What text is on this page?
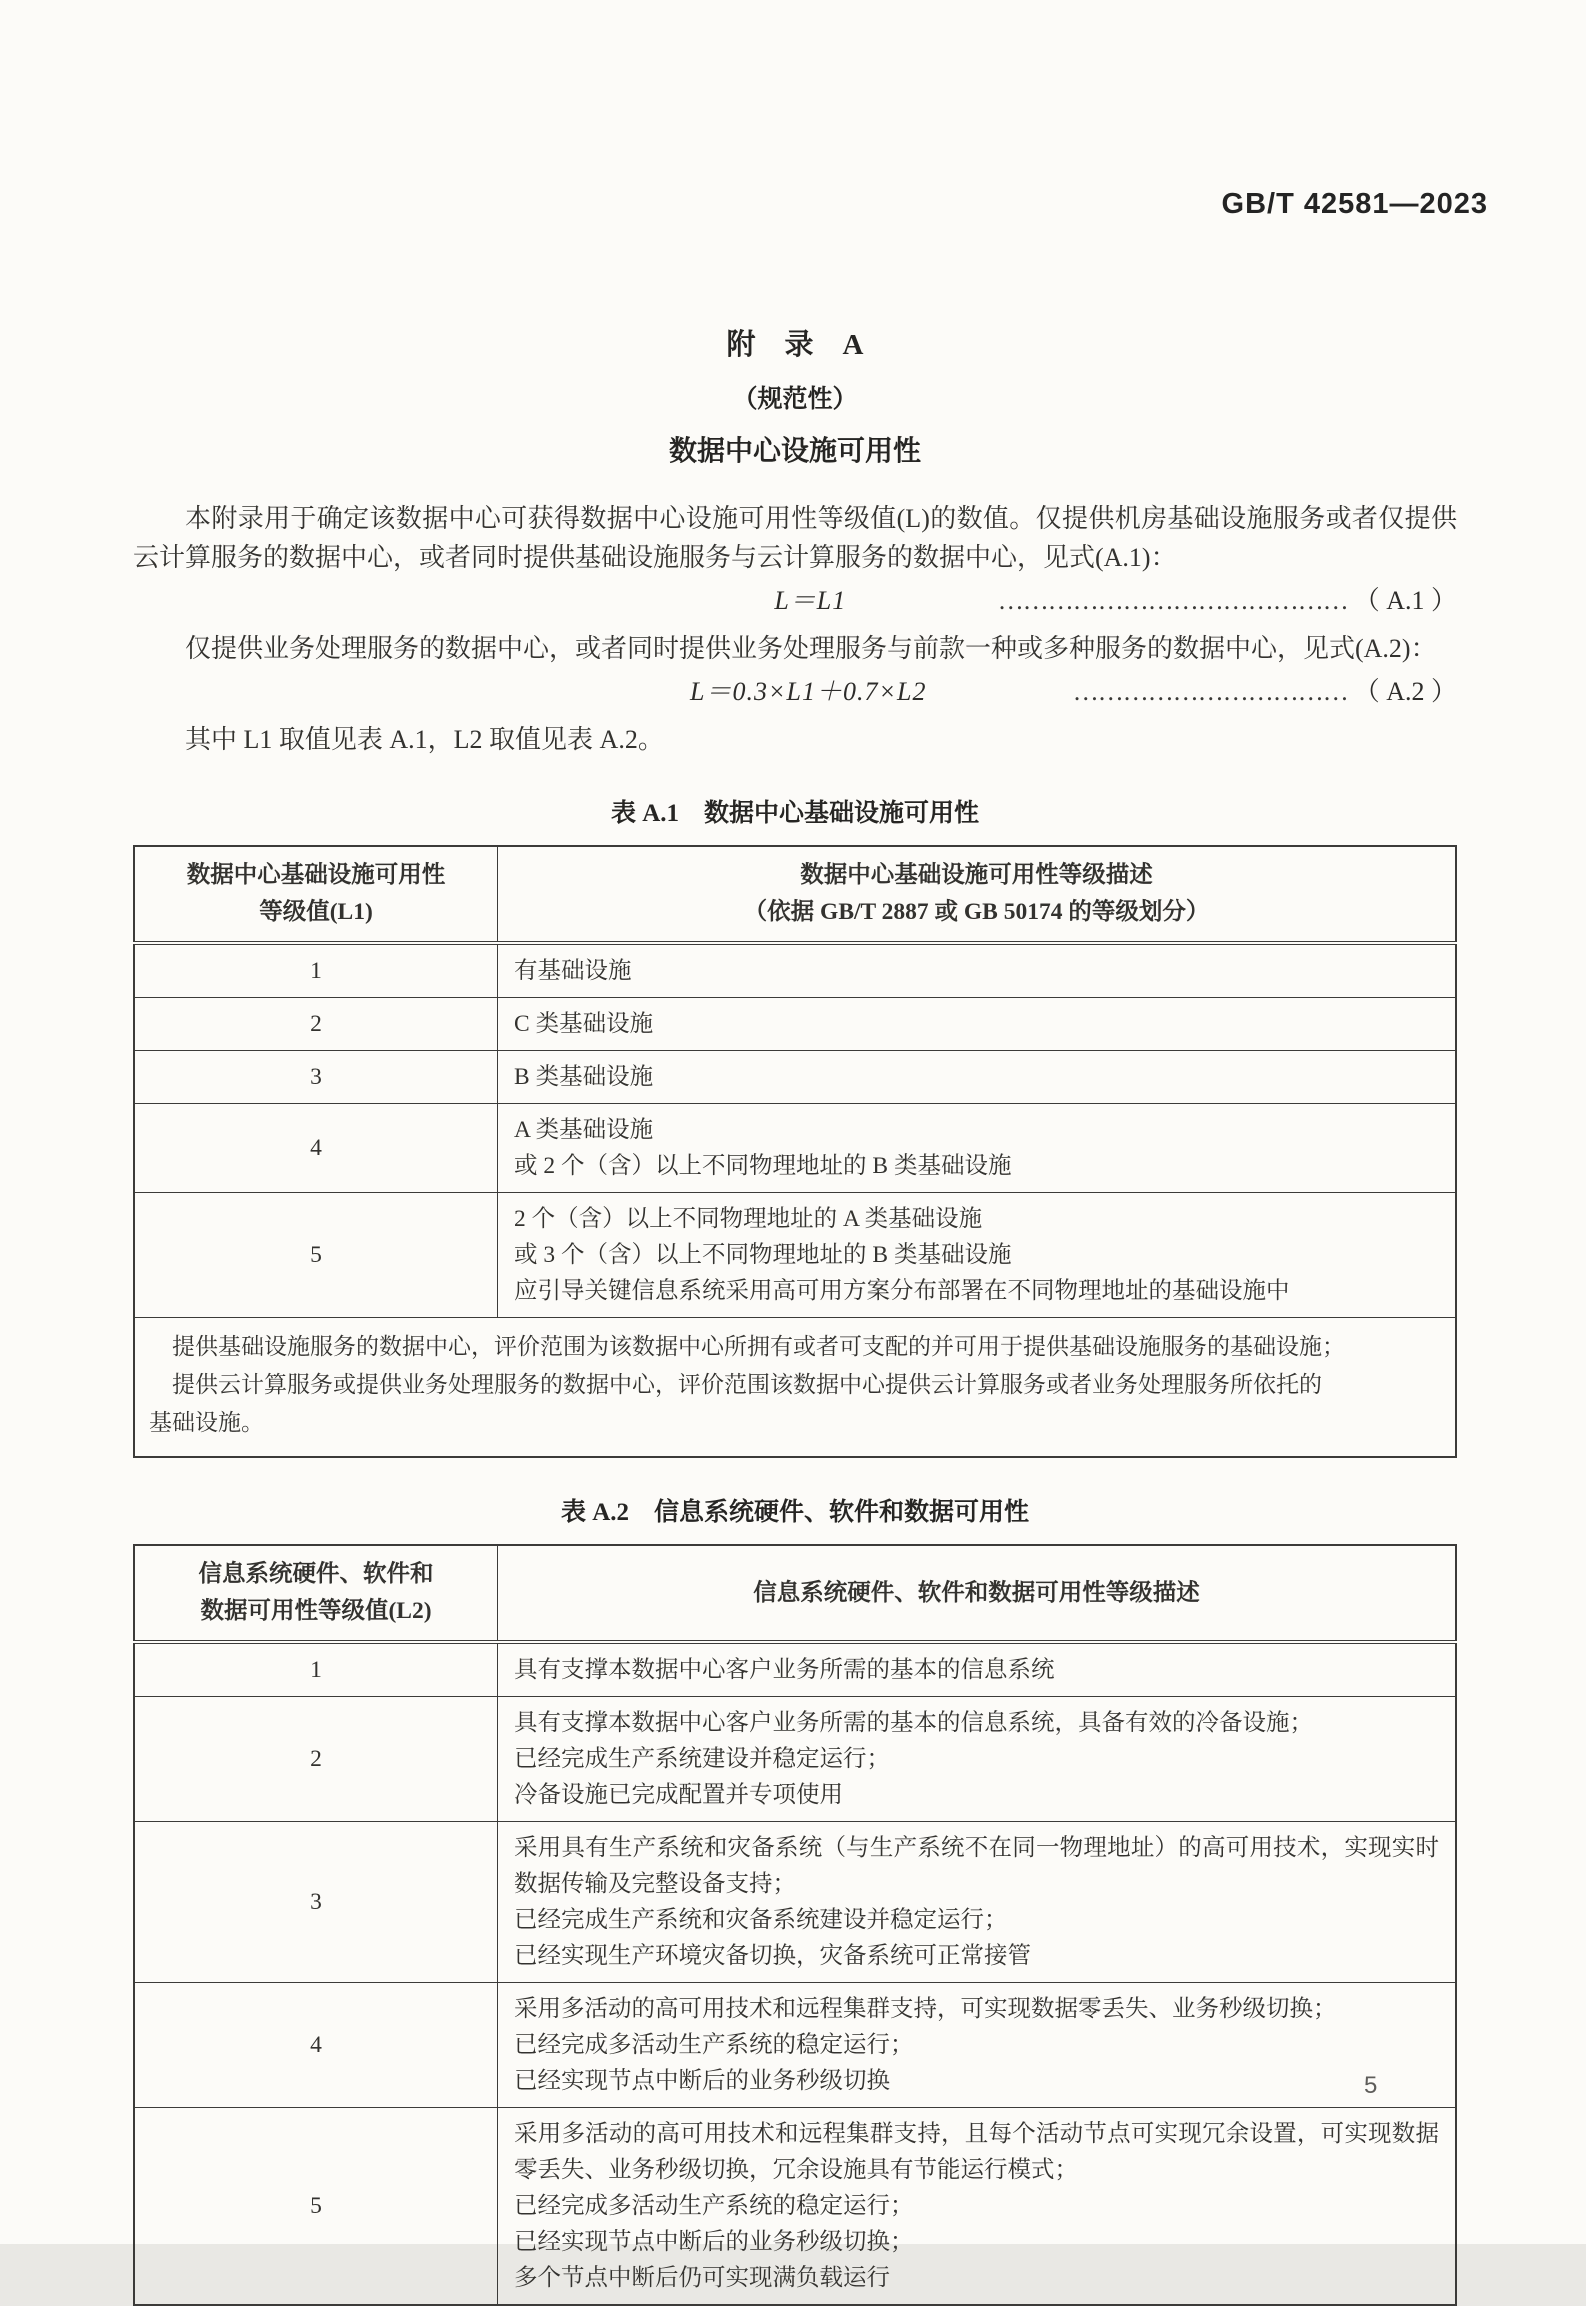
GB/T 42581—2023
附　录　A
（规范性）
数据中心设施可用性

本附录用于确定该数据中心可获得数据中心设施可用性等级值(L)的数值。仅提供机房基础设施服务或者仅提供云计算服务的数据中心，或者同时提供基础设施服务与云计算服务的数据中心，见式(A.1)：

L＝L1	…………………………………… （ A.1 ）

仅提供业务处理服务的数据中心，或者同时提供业务处理服务与前款一种或多种服务的数据中心，见式(A.2)：

L＝0.3×L1＋0.7×L2	…………………………… （ A.2 ）

其中 L1 取值见表 A.1，L2 取值见表 A.2。

表 A.1　数据中心基础设施可用性
数据中心基础设施可用性
等级值(L1)

数据中心基础设施可用性等级描述
（依据 GB/T 2887 或 GB 50174 的等级划分）

1	有基础设施

2	C 类基础设施

3	B 类基础设施

4	A 类基础设施
或 2 个（含）以上不同物理地址的 B 类基础设施

5	2 个（含）以上不同物理地址的 A 类基础设施
或 3 个（含）以上不同物理地址的 B 类基础设施
应引导关键信息系统采用高可用方案分布部署在不同物理地址的基础设施中

提供基础设施服务的数据中心，评价范围为该数据中心所拥有或者可支配的并可用于提供基础设施服务的基础设施；
提供云计算服务或提供业务处理服务的数据中心，评价范围该数据中心提供云计算服务或者业务处理服务所依托的
基础设施。	
表 A.2　信息系统硬件、软件和数据可用性
信息系统硬件、软件和
数据可用性等级值(L2)	信息系统硬件、软件和数据可用性等级描述

1	具有支撑本数据中心客户业务所需的基本的信息系统

2	具有支撑本数据中心客户业务所需的基本的信息系统，具备有效的冷备设施；
已经完成生产系统建设并稳定运行；
冷备设施已完成配置并专项使用

3	采用具有生产系统和灾备系统（与生产系统不在同一物理地址）的高可用技术，实现实时数据传输及完整设备支持；
已经完成生产系统和灾备系统建设并稳定运行；
已经实现生产环境灾备切换，灾备系统可正常接管

4	采用多活动的高可用技术和远程集群支持，可实现数据零丢失、业务秒级切换；
已经完成多活动生产系统的稳定运行；
已经实现节点中断后的业务秒级切换

5	采用多活动的高可用技术和远程集群支持，且每个活动节点可实现冗余设置，可实现数据零丢失、业务秒级切换，冗余设施具有节能运行模式；
已经完成多活动生产系统的稳定运行；
已经实现节点中断后的业务秒级切换；
多个节点中断后仍可实现满负载运行
5
